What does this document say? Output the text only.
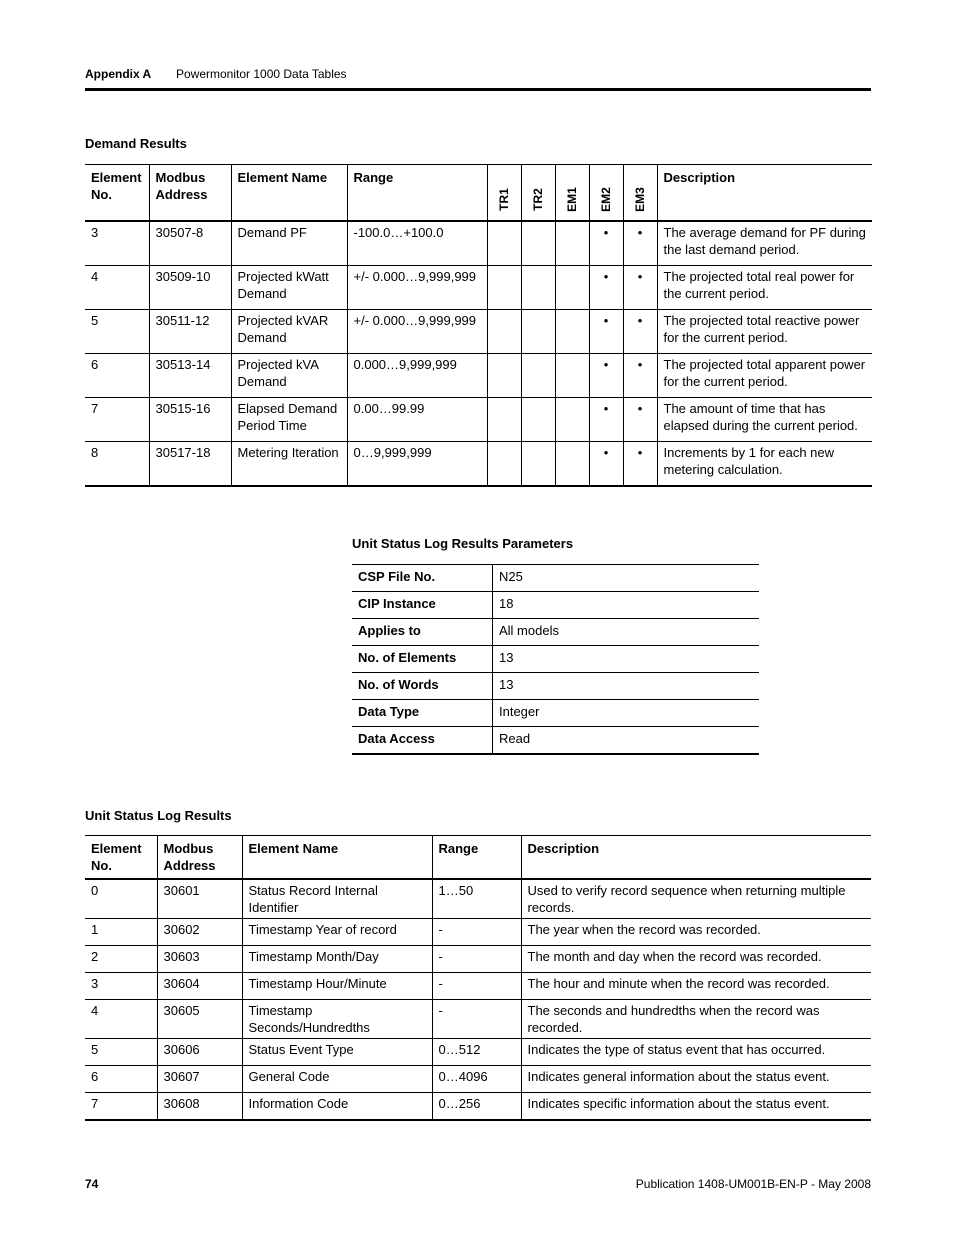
Appendix A Powermonitor 1000 Data Tables
Demand Results
Element No.	Modbus Address	Element Name	Range	TR1	TR2	EM1	EM2	EM3	Description
3	30507-8	Demand PF	-100.0…+100.0				•	•	The average demand for PF during the last demand period.
4	30509-10	Projected kWatt Demand	+/- 0.000…9,999,999				•	•	The projected total real power for the current period.
5	30511-12	Projected kVAR Demand	+/- 0.000…9,999,999				•	•	The projected total reactive power for the current period.
6	30513-14	Projected kVA Demand	0.000…9,999,999				•	•	The projected total apparent power for the current period.
7	30515-16	Elapsed Demand Period Time	0.00…99.99				•	•	The amount of time that has elapsed during the current period.
8	30517-18	Metering Iteration	0…9,999,999				•	•	Increments by 1 for each new metering calculation.
Unit Status Log Results Parameters
CSP File No.	N25
CIP Instance	18
Applies to	All models
No. of Elements	13
No. of Words	13
Data Type	Integer
Data Access	Read
Unit Status Log Results
Element No.	Modbus Address	Element Name	Range	Description
0	30601	Status Record Internal Identifier	1…50	Used to verify record sequence when returning multiple records.
1	30602	Timestamp Year of record	-	The year when the record was recorded.
2	30603	Timestamp Month/Day	-	The month and day when the record was recorded.
3	30604	Timestamp Hour/Minute	-	The hour and minute when the record was recorded.
4	30605	Timestamp Seconds/Hundredths	-	The seconds and hundredths when the record was recorded.
5	30606	Status Event Type	0…512	Indicates the type of status event that has occurred.
6	30607	General Code	0…4096	Indicates general information about the status event.
7	30608	Information Code	0…256	Indicates specific information about the status event.
74	Publication 1408-UM001B-EN-P - May 2008
